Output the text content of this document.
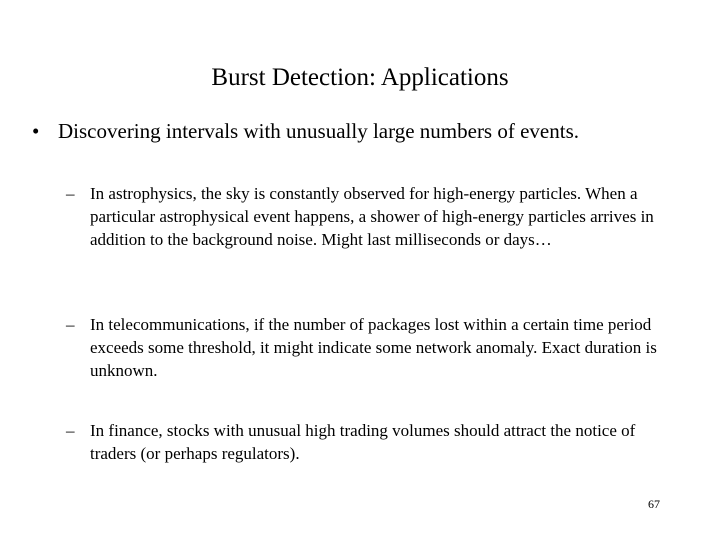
Burst Detection: Applications
• Discovering intervals with unusually large numbers of events.
– In astrophysics, the sky is constantly observed for high-energy particles. When a particular astrophysical event happens, a shower of high-energy particles arrives in addition to the background noise. Might last milliseconds or days…
– In telecommunications, if the number of packages lost within a certain time period exceeds some threshold, it might indicate some network anomaly. Exact duration is unknown.
– In finance, stocks with unusual high trading volumes should attract the notice of traders (or perhaps regulators).
67
